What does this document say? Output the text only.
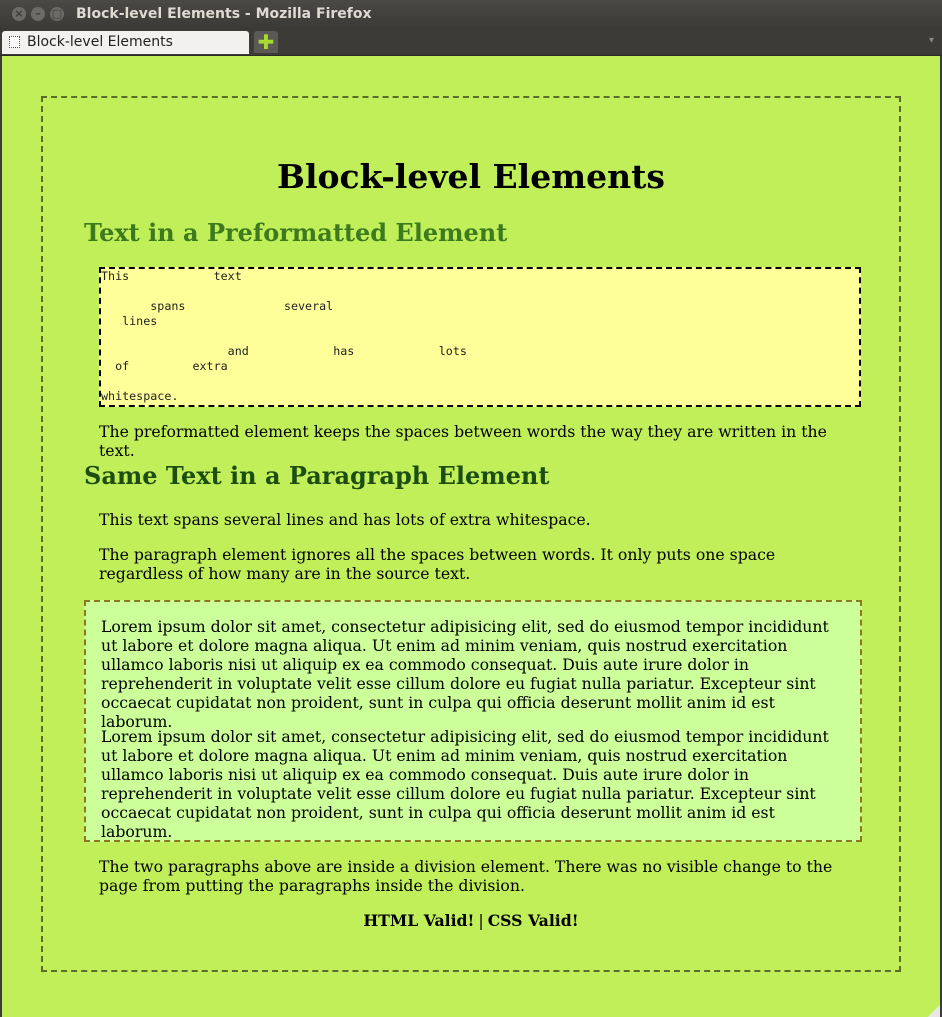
×	–	□ Block-level Elements - Mozilla Firefox
Block-level Elements	✚	▾
Block-level Elements
Text in a Preformatted Element
This            text

spans              several
lines

and            has            lots
of         extra

whitespace.

The preformatted element keeps the spaces between words the way they are written in the text.

Same Text in a Paragraph Element

This text spans several lines and has lots of extra whitespace.

The paragraph element ignores all the spaces between words. It only puts one space regardless of how many are in the source text.

Lorem ipsum dolor sit amet, consectetur adipisicing elit, sed do eiusmod tempor incididunt ut labore et dolore magna aliqua. Ut enim ad minim veniam, quis nostrud exercitation ullamco laboris nisi ut aliquip ex ea commodo consequat. Duis aute irure dolor in reprehenderit in voluptate velit esse cillum dolore eu fugiat nulla pariatur. Excepteur sint occaecat cupidatat non proident, sunt in culpa qui officia deserunt mollit anim id est laborum.

Lorem ipsum dolor sit amet, consectetur adipisicing elit, sed do eiusmod tempor incididunt ut labore et dolore magna aliqua. Ut enim ad minim veniam, quis nostrud exercitation ullamco laboris nisi ut aliquip ex ea commodo consequat. Duis aute irure dolor in reprehenderit in voluptate velit esse cillum dolore eu fugiat nulla pariatur. Excepteur sint occaecat cupidatat non proident, sunt in culpa qui officia deserunt mollit anim id est laborum.

The two paragraphs above are inside a division element. There was no visible change to the page from putting the paragraphs inside the division.

HTML Valid! | CSS Valid!
